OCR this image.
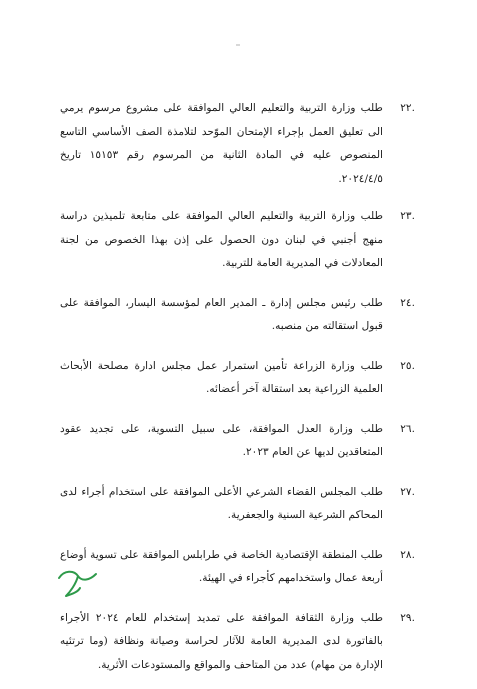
.٢٢
طلب وزارة التربية والتعليم العالي الموافقة على مشروع مرسوم يرمي الى تعليق العمل بإجراء الإمتحان الموّحد لتلامذة الصف الأساسي التاسع المنصوص عليه في المادة الثانية من المرسوم رقم ١٥١٥٣ تاريخ ٢٠٢٤/٤/٥.
.٢٣
طلب وزارة التربية والتعليم العالي الموافقة على متابعة تلميذين دراسة منهج أجنبي في لبنان دون الحصول على إذن بهذا الخصوص من لجنة المعادلات في المديرية العامة للتربية.
.٢٤
طلب رئيس مجلس إدارة ـ المدير العام لمؤسسة اليسار، الموافقة على قبول استقالته من منصبه.
.٢٥
طلب وزارة الزراعة تأمين استمرار عمل مجلس ادارة مصلحة الأبحاث العلمية الزراعية بعد استقالة آخر أعضائه.
.٢٦
طلب وزارة العدل الموافقة، على سبيل التسوية، على تجديد عقود المتعاقدين لديها عن العام ٢٠٢٣.
.٢٧
طلب المجلس القضاء الشرعي الأعلى الموافقة على استخدام أجراء لدى المحاكم الشرعية السنية والجعفرية.
.٢٨
طلب المنطقة الإقتصادية الخاصة في طرابلس الموافقة على تسوية أوضاع أربعة عمال واستخدامهم كأجراء في الهيئة.
.٢٩
طلب وزارة الثقافة الموافقة على تمديد إستخدام للعام ٢٠٢٤ الأجراء بالفاتورة لدى المديرية العامة للآثار لحراسة وصيانة ونظافة (وما ترتئيه الإدارة من مهام) عدد من المتاحف والمواقع والمستودعات الأثرية.
